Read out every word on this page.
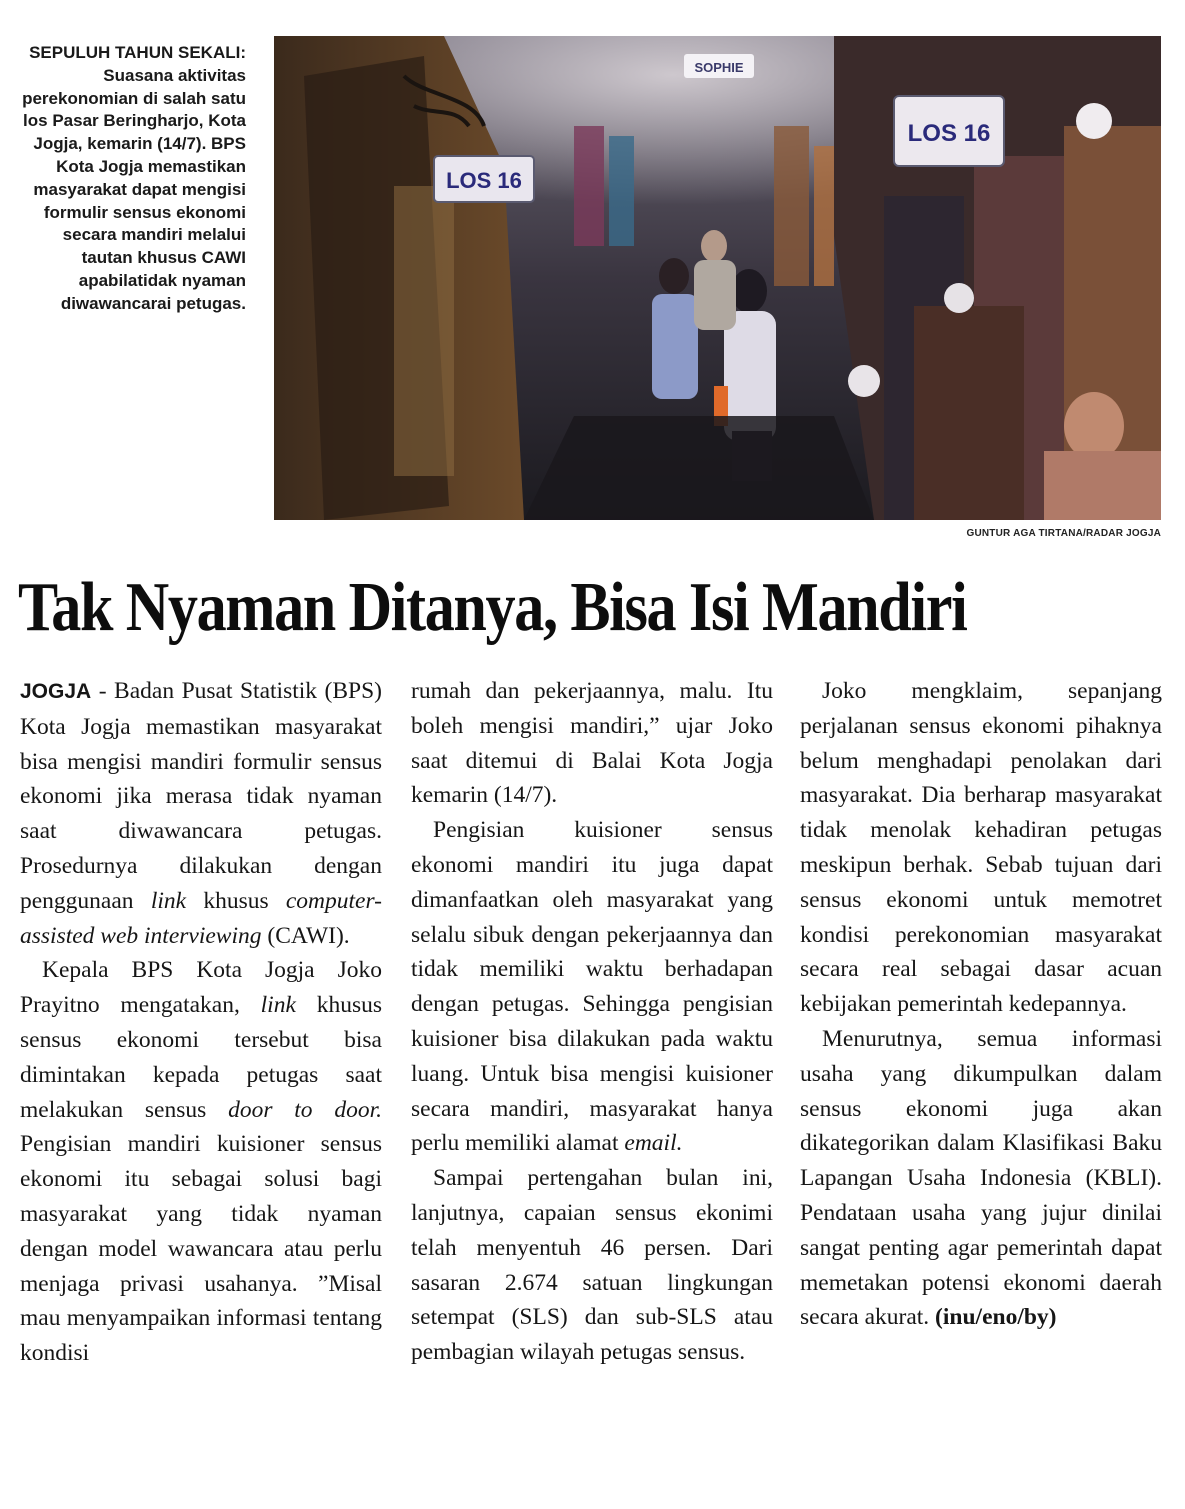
SEPULUH TAHUN SEKALI:
Suasana aktivitas perekonomian di salah satu los Pasar Beringharjo, Kota Jogja, kemarin (14/7). BPS Kota Jogja memastikan masyarakat dapat mengisi formulir sensus ekonomi secara mandiri melalui tautan khusus CAWI apabilatidak nyaman diwawancarai petugas.
LOS 16
LOS 16
SOPHIE
GUNTUR AGA TIRTANA/RADAR JOGJA
Tak Nyaman Ditanya, Bisa Isi Mandiri

JOGJA - Badan Pusat Statistik (BPS) Kota Jogja memastikan masyarakat bisa mengisi mandiri formulir sensus ekonomi jika merasa tidak nyaman saat diwawancara petugas. Prosedurnya dilakukan dengan penggunaan link khusus computer-assisted web interviewing (CAWI).

Kepala BPS Kota Jogja Joko Prayitno mengatakan, link khusus sensus ekonomi tersebut bisa dimintakan kepada petugas saat melakukan sensus door to door. Pengisian mandiri kuisioner sensus ekonomi itu sebagai solusi bagi masyarakat yang tidak nyaman dengan model wawancara atau perlu menjaga privasi usahanya. ”Misal mau menyampaikan informasi tentang kondisi

rumah dan pekerjaannya, malu. Itu boleh mengisi mandiri,” ujar Joko saat ditemui di Balai Kota Jogja kemarin (14/7).

Pengisian kuisioner sensus ekonomi mandiri itu juga dapat dimanfaatkan oleh masyarakat yang selalu sibuk dengan pekerjaannya dan tidak memiliki waktu berhadapan dengan petugas. Sehingga pengisian kuisioner bisa dilakukan pada waktu luang. Untuk bisa mengisi kuisioner secara mandiri, masyarakat hanya perlu memiliki alamat email.

Sampai pertengahan bulan ini, lanjutnya, capaian sensus ekonimi telah menyentuh 46 persen. Dari sasaran 2.674 satuan lingkungan setempat (SLS) dan sub-SLS atau pembagian wilayah petugas sensus.

Joko mengklaim, sepanjang perjalanan sensus ekonomi pihaknya belum menghadapi penolakan dari masyarakat. Dia berharap masyarakat tidak menolak kehadiran petugas meskipun berhak. Sebab tujuan dari sensus ekonomi untuk memotret kondisi perekonomian masyarakat secara real sebagai dasar acuan kebijakan pemerintah kedepannya.

Menurutnya, semua informasi usaha yang dikumpulkan dalam sensus ekonomi juga akan dikategorikan dalam Klasifikasi Baku Lapangan Usaha Indonesia (KBLI). Pendataan usaha yang jujur dinilai sangat penting agar pemerintah dapat memetakan potensi ekonomi daerah secara akurat. (inu/eno/by)
